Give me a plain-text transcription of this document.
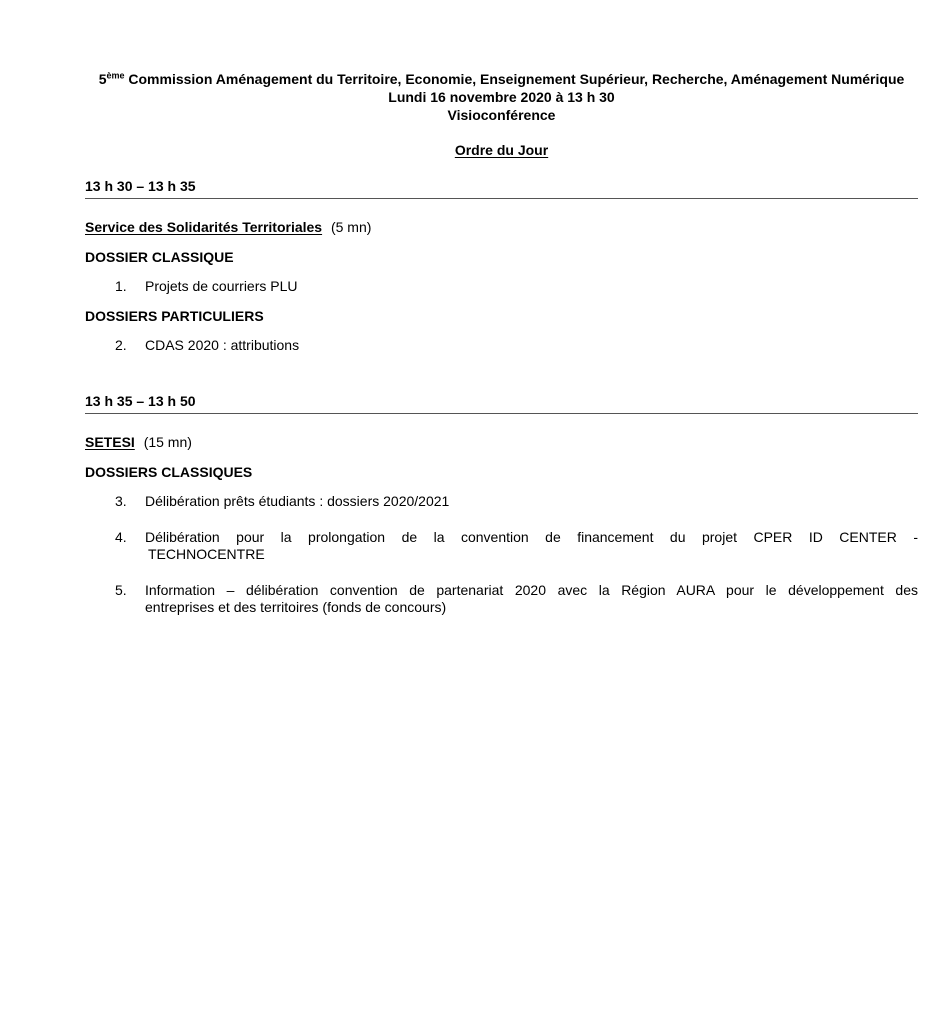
5ème Commission Aménagement du Territoire, Economie, Enseignement Supérieur, Recherche, Aménagement Numérique

Lundi 16 novembre 2020 à 13 h 30

Visioconférence

Ordre du Jour

13 h 30 – 13 h 35

Service des Solidarités Territoriales (5 mn)

DOSSIER CLASSIQUE
1.	Projets de courriers PLU
DOSSIERS PARTICULIERS
2.	CDAS 2020 : attributions
13 h 35 – 13 h 50

SETESI (15 mn)

DOSSIERS CLASSIQUES
3.	Délibération prêts étudiants : dossiers 2020/2021
4.	Délibération pour la prolongation de la convention de financement du projet CPER ID CENTER -
TECHNOCENTRE
5.	Information – délibération convention de partenariat 2020 avec la Région AURA pour le développement des
entreprises et des territoires (fonds de concours)
